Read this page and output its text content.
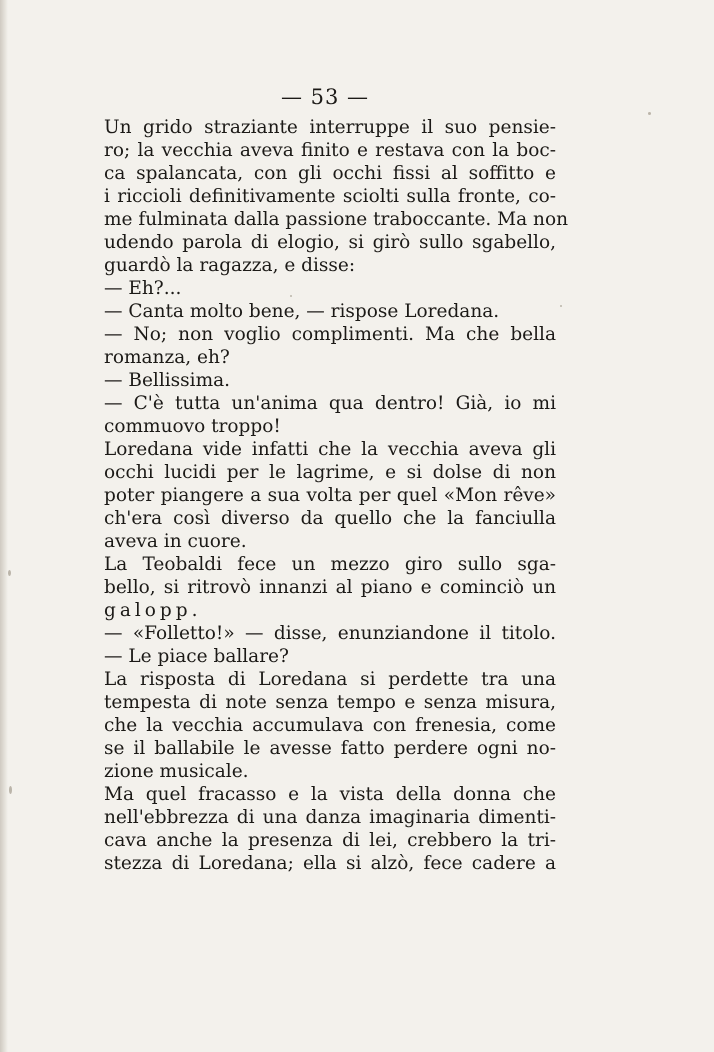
— 53 —
Un grido straziante interruppe il suo pensie-
ro; la vecchia aveva finito e restava con la boc-
ca spalancata, con gli occhi fissi al soffitto e
i riccioli definitivamente sciolti sulla fronte, co-
me fulminata dalla passione traboccante. Ma non
udendo parola di elogio, si girò sullo sgabello,
guardò la ragazza, e disse:
— Eh?...
— Canta molto bene, — rispose Loredana.
— No; non voglio complimenti. Ma che bella
romanza, eh?
— Bellissima.
— C'è tutta un'anima qua dentro! Già, io mi
commuovo troppo!
Loredana vide infatti che la vecchia aveva gli
occhi lucidi per le lagrime, e si dolse di non
poter piangere a sua volta per quel «Mon rêve»
ch'era così diverso da quello che la fanciulla
aveva in cuore.
La Teobaldi fece un mezzo giro sullo sga-
bello, si ritrovò innanzi al piano e cominciò un
galopp.
— «Folletto!» — disse, enunziandone il titolo.
— Le piace ballare?
La risposta di Loredana si perdette tra una
tempesta di note senza tempo e senza misura,
che la vecchia accumulava con frenesia, come
se il ballabile le avesse fatto perdere ogni no-
zione musicale.
Ma quel fracasso e la vista della donna che
nell'ebbrezza di una danza imaginaria dimenti-
cava anche la presenza di lei, crebbero la tri-
stezza di Loredana; ella si alzò, fece cadere a
